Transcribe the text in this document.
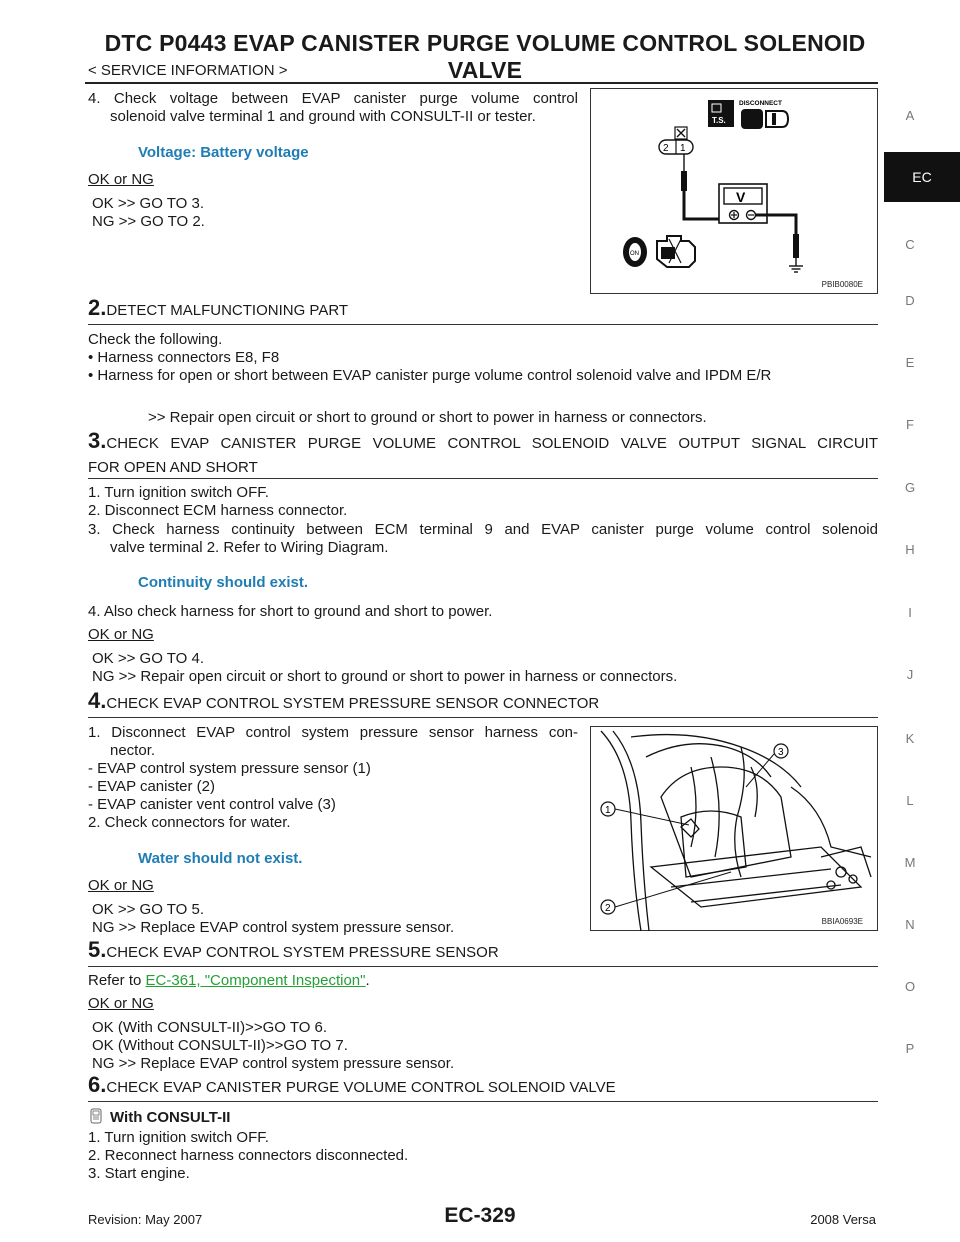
DTC P0443 EVAP CANISTER PURGE VOLUME CONTROL SOLENOID VALVE
< SERVICE INFORMATION >
A
EC
C
D
E
F
G
H
I
J
K
L
M
N
O
P
4. Check voltage between EVAP canister purge volume control
solenoid valve terminal 1 and ground with CONSULT-II or tester.
Voltage: Battery voltage
OK or NG
OK >> GO TO 3.
NG >> GO TO 2.
T.S.
DISCONNECT
2 1
V
ON
PBIB0080E
2.DETECT MALFUNCTIONING PART
Check the following.
• Harness connectors E8, F8
• Harness for open or short between EVAP canister purge volume control solenoid valve and IPDM E/R
>> Repair open circuit or short to ground or short to power in harness or connectors.
3.CHECK EVAP CANISTER PURGE VOLUME CONTROL SOLENOID VALVE OUTPUT SIGNAL CIRCUIT
FOR OPEN AND SHORT
1. Turn ignition switch OFF.
2. Disconnect ECM harness connector.
3. Check harness continuity between ECM terminal 9 and EVAP canister purge volume control solenoid
valve terminal 2. Refer to Wiring Diagram.
Continuity should exist.
4. Also check harness for short to ground and short to power.
OK or NG
OK >> GO TO 4.
NG >> Repair open circuit or short to ground or short to power in harness or connectors.
4.CHECK EVAP CONTROL SYSTEM PRESSURE SENSOR CONNECTOR
1. Disconnect EVAP control system pressure sensor harness con-
nector.
- EVAP control system pressure sensor (1)
- EVAP canister (2)
- EVAP canister vent control valve (3)
2. Check connectors for water.
Water should not exist.
OK or NG
OK >> GO TO 5.
NG >> Replace EVAP control system pressure sensor.
1
2
3
BBIA0693E
5.CHECK EVAP CONTROL SYSTEM PRESSURE SENSOR
Refer to EC-361, "Component Inspection".
OK or NG
OK (With CONSULT-II)>>GO TO 6.
OK (Without CONSULT-II)>>GO TO 7.
NG >> Replace EVAP control system pressure sensor.
6.CHECK EVAP CANISTER PURGE VOLUME CONTROL SOLENOID VALVE
With CONSULT-II
1. Turn ignition switch OFF.
2. Reconnect harness connectors disconnected.
3. Start engine.
Revision: May 2007	EC-329	2008 Versa
